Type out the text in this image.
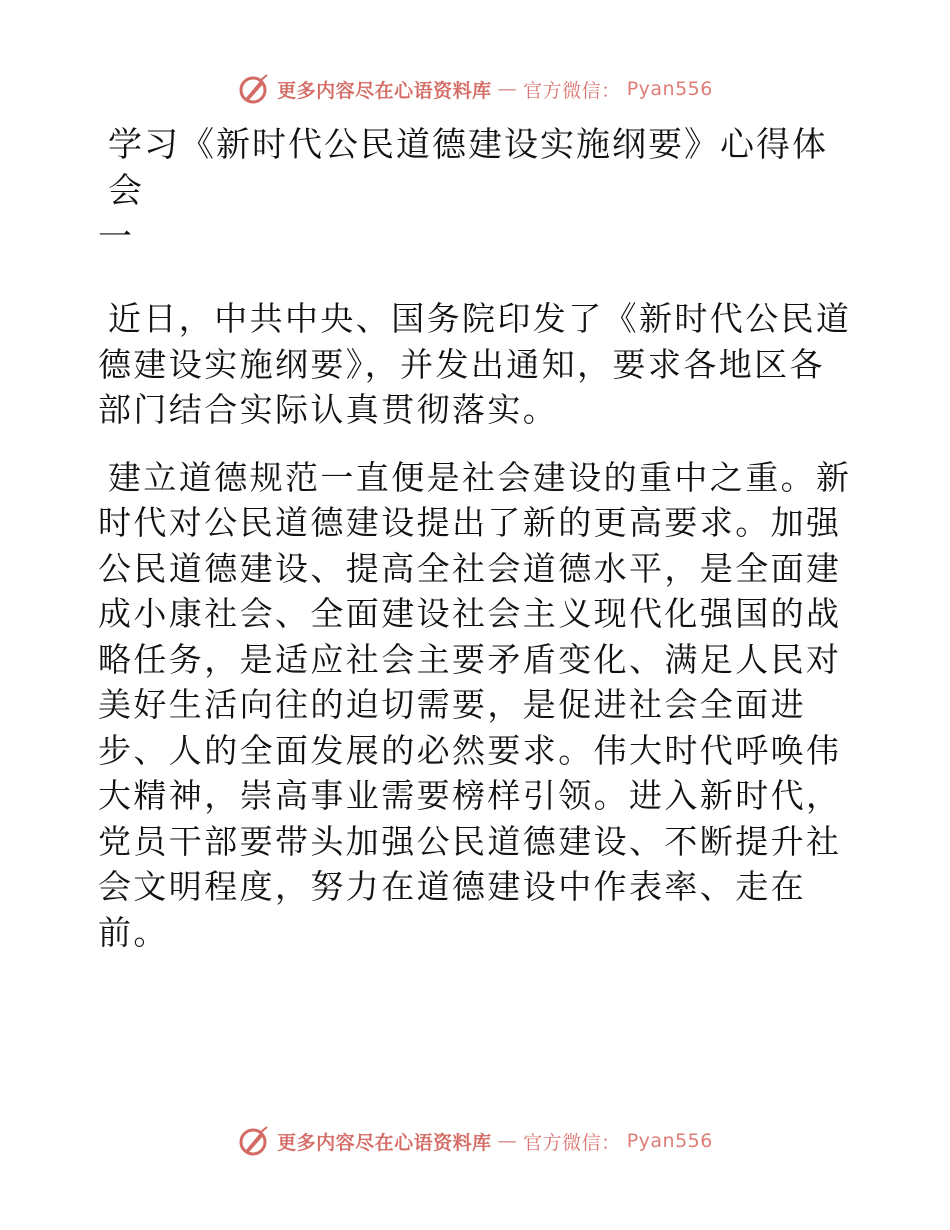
更多内容尽在心语资料库 — 官方微信： Pyan556
学习《新时代公民道德建设实施纲要》心得体会
一

近日，中共中央、国务院印发了《新时代公民道德建设实施纲要》，并发出通知，要求各地区各部门结合实际认真贯彻落实。

建立道德规范一直便是社会建设的重中之重。新时代对公民道德建设提出了新的更高要求。加强公民道德建设、提高全社会道德水平，是全面建成小康社会、全面建设社会主义现代化强国的战略任务，是适应社会主要矛盾变化、满足人民对美好生活向往的迫切需要，是促进社会全面进步、人的全面发展的必然要求。伟大时代呼唤伟大精神，崇高事业需要榜样引领。进入新时代，党员干部要带头加强公民道德建设、不断提升社会文明程度，努力在道德建设中作表率、走在前。

更多内容尽在心语资料库 — 官方微信： Pyan556
